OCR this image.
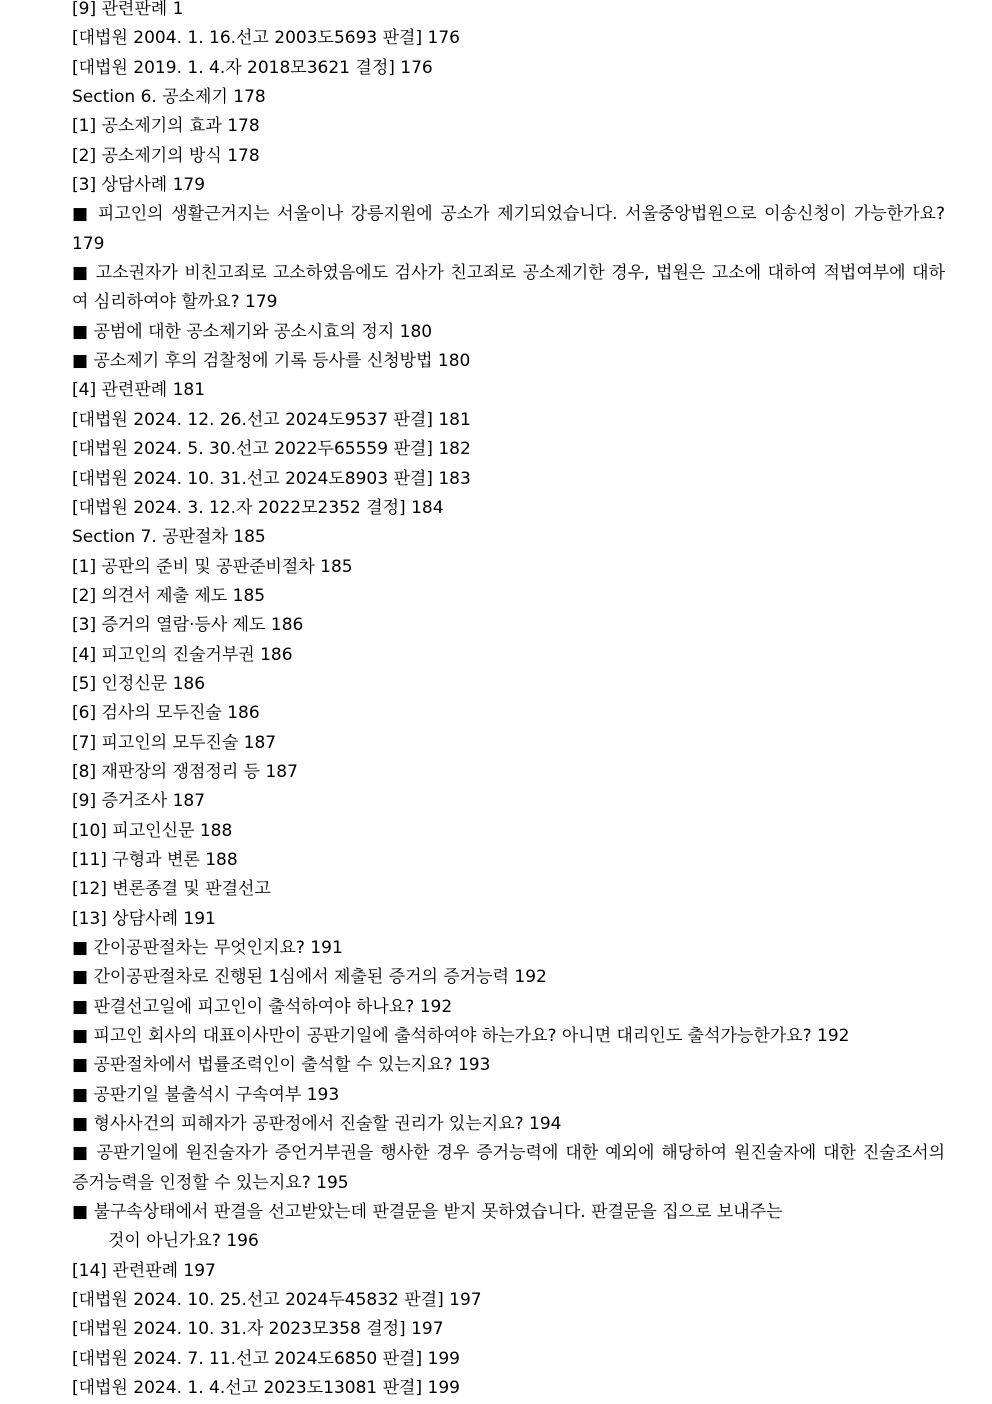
[9] 관련판례 1
[대법원 2004. 1. 16.선고 2003도5693 판결] 176
[대법원 2019. 1. 4.자 2018모3621 결정] 176
Section 6. 공소제기 178
[1] 공소제기의 효과 178
[2] 공소제기의 방식 178
[3] 상담사례 179
■ 피고인의 생활근거지는 서울이나 강릉지원에 공소가 제기되었습니다. 서울중앙법원으로 이송신청이 가능한가요? 179
■ 고소권자가 비친고죄로 고소하였음에도 검사가 친고죄로 공소제기한 경우, 법원은 고소에 대하여 적법여부에 대하여 심리하여야 할까요? 179
■ 공범에 대한 공소제기와 공소시효의 정지 180
■ 공소제기 후의 검찰청에 기록 등사를 신청방법 180
[4] 관련판례 181
[대법원 2024. 12. 26.선고 2024도9537 판결] 181
[대법원 2024. 5. 30.선고 2022두65559 판결] 182
[대법원 2024. 10. 31.선고 2024도8903 판결] 183
[대법원 2024. 3. 12.자 2022모2352 결정] 184
Section 7. 공판절차 185
[1] 공판의 준비 및 공판준비절차 185
[2] 의견서 제출 제도 185
[3] 증거의 열람·등사 제도 186
[4] 피고인의 진술거부권 186
[5] 인정신문 186
[6] 검사의 모두진술 186
[7] 피고인의 모두진술 187
[8] 재판장의 쟁점정리 등 187
[9] 증거조사 187
[10] 피고인신문 188
[11] 구형과 변론 188
[12] 변론종결 및 판결선고
[13] 상담사례 191
■ 간이공판절차는 무엇인지요? 191
■ 간이공판절차로 진행된 1심에서 제출된 증거의 증거능력 192
■ 판결선고일에 피고인이 출석하여야 하나요? 192
■ 피고인 회사의 대표이사만이 공판기일에 출석하여야 하는가요? 아니면 대리인도 출석가능한가요? 192
■ 공판절차에서 법률조력인이 출석할 수 있는지요? 193
■ 공판기일 불출석시 구속여부 193
■ 형사사건의 피해자가 공판정에서 진술할 권리가 있는지요? 194
■ 공판기일에 원진술자가 증언거부권을 행사한 경우 증거능력에 대한 예외에 해당하여 원진술자에 대한 진술조서의 증거능력을 인정할 수 있는지요? 195
■ 불구속상태에서 판결을 선고받았는데 판결문을 받지 못하였습니다. 판결문을 집으로 보내주는
것이 아닌가요? 196
[14] 관련판례 197
[대법원 2024. 10. 25.선고 2024두45832 판결] 197
[대법원 2024. 10. 31.자 2023모358 결정] 197
[대법원 2024. 7. 11.선고 2024도6850 판결] 199
[대법원 2024. 1. 4.선고 2023도13081 판결] 199
